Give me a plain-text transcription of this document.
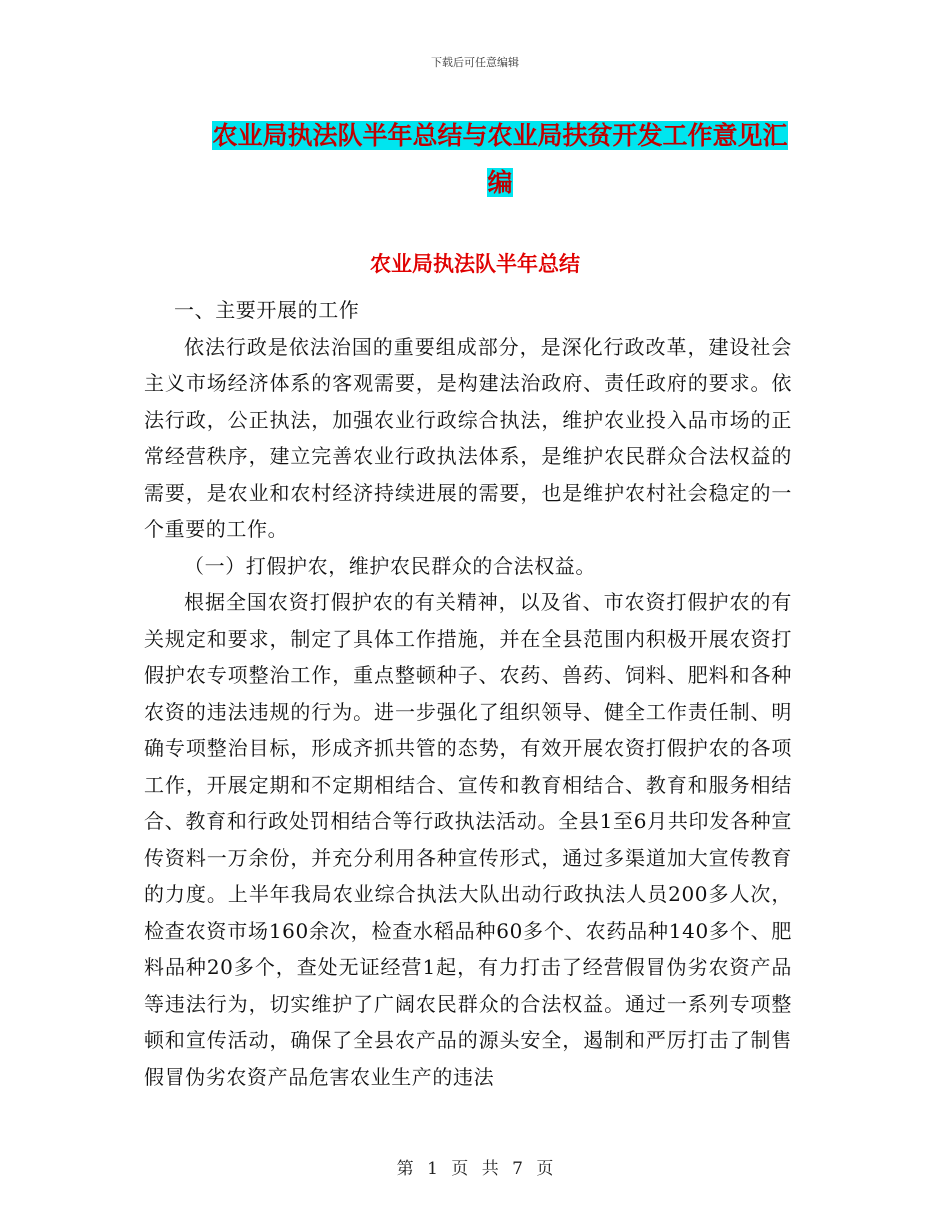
下载后可任意编辑
农业局执法队半年总结与农业局扶贫开发工作意见汇
编
农业局执法队半年总结

一、主要开展的工作

依法行政是依法治国的重要组成部分，是深化行政改革，建设社会主义市场经济体系的客观需要，是构建法治政府、责任政府的要求。依法行政，公正执法，加强农业行政综合执法，维护农业投入品市场的正常经营秩序，建立完善农业行政执法体系，是维护农民群众合法权益的需要，是农业和农村经济持续进展的需要，也是维护农村社会稳定的一个重要的工作。

（一）打假护农，维护农民群众的合法权益。

根据全国农资打假护农的有关精神，以及省、市农资打假护农的有关规定和要求，制定了具体工作措施，并在全县范围内积极开展农资打假护农专项整治工作，重点整顿种子、农药、兽药、饲料、肥料和各种农资的违法违规的行为。进一步强化了组织领导、健全工作责任制、明确专项整治目标，形成齐抓共管的态势，有效开展农资打假护农的各项工作，开展定期和不定期相结合、宣传和教育相结合、教育和服务相结合、教育和行政处罚相结合等行政执法活动。全县1至6月共印发各种宣传资料一万余份，并充分利用各种宣传形式，通过多渠道加大宣传教育的力度。上半年我局农业综合执法大队出动行政执法人员200多人次，检查农资市场160余次，检查水稻品种60多个、农药品种140多个、肥料品种20多个，查处无证经营1起，有力打击了经营假冒伪劣农资产品等违法行为，切实维护了广阔农民群众的合法权益。通过一系列专项整顿和宣传活动，确保了全县农产品的源头安全，遏制和严厉打击了制售假冒伪劣农资产品危害农业生产的违法

第 1 页 共 7 页
